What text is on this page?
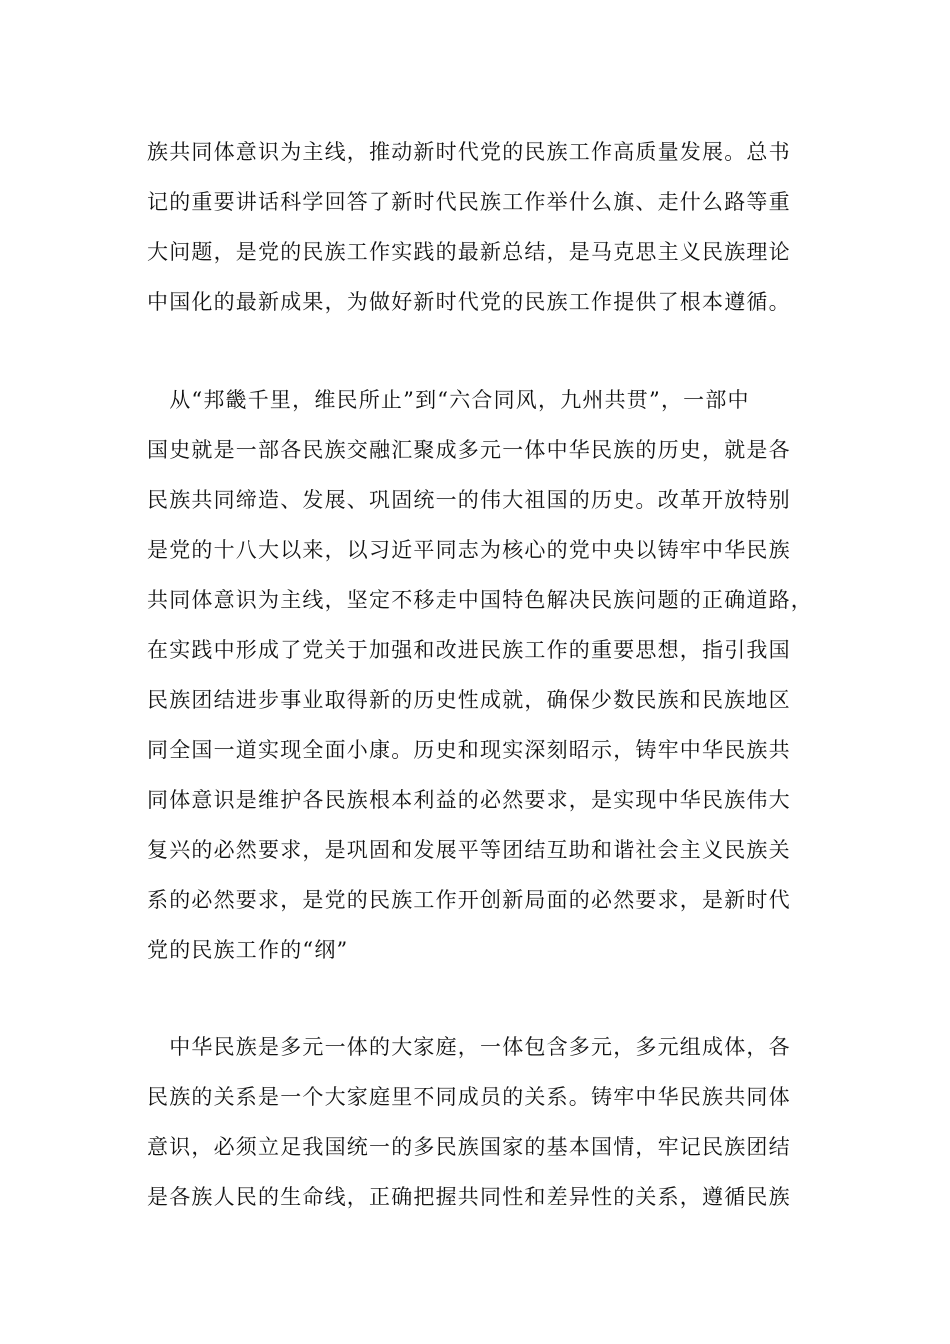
族共同体意识为主线，推动新时代党的民族工作高质量发展。总书
记的重要讲话科学回答了新时代民族工作举什么旗、走什么路等重
大问题，是党的民族工作实践的最新总结，是马克思主义民族理论
中国化的最新成果，为做好新时代党的民族工作提供了根本遵循。
　从“邦畿千里，维民所止”到“六合同风，九州共贯”，一部中
国史就是一部各民族交融汇聚成多元一体中华民族的历史，就是各
民族共同缔造、发展、巩固统一的伟大祖国的历史。改革开放特别
是党的十八大以来，以习近平同志为核心的党中央以铸牢中华民族
共同体意识为主线，坚定不移走中国特色解决民族问题的正确道路，
在实践中形成了党关于加强和改进民族工作的重要思想，指引我国
民族团结进步事业取得新的历史性成就，确保少数民族和民族地区
同全国一道实现全面小康。历史和现实深刻昭示，铸牢中华民族共
同体意识是维护各民族根本利益的必然要求，是实现中华民族伟大
复兴的必然要求，是巩固和发展平等团结互助和谐社会主义民族关
系的必然要求，是党的民族工作开创新局面的必然要求，是新时代
党的民族工作的“纲”
　中华民族是多元一体的大家庭，一体包含多元，多元组成体，各
民族的关系是一个大家庭里不同成员的关系。铸牢中华民族共同体
意识，必须立足我国统一的多民族国家的基本国情，牢记民族团结
是各族人民的生命线，正确把握共同性和差异性的关系，遵循民族
